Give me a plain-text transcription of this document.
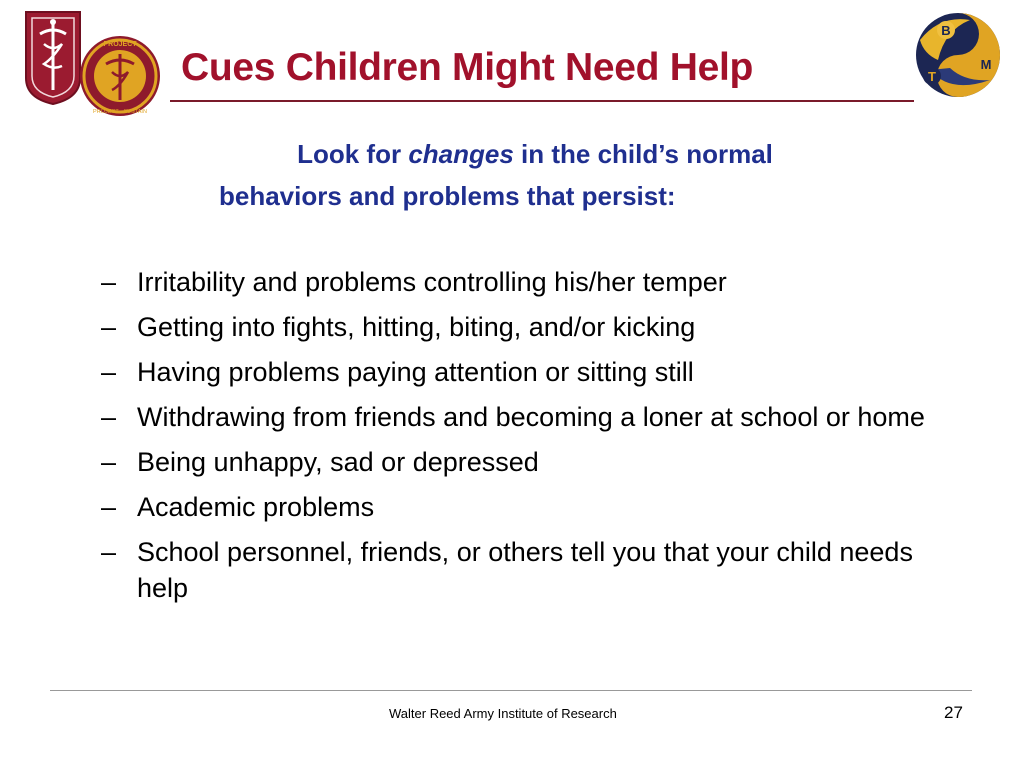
PROJECT
PROJECT · SUSTAIN
Cues Children Might Need Help
B
T
M
Look for changes in the child’s normal
behaviors and problems that persist:
– Irritability and problems controlling his/her temper
– Getting into fights, hitting, biting, and/or kicking
– Having problems paying attention or sitting still
– Withdrawing from friends and becoming a loner at school or home
– Being unhappy, sad or depressed
– Academic problems
– School personnel, friends, or others tell you that your child needs help
Walter Reed Army Institute of Research	27
